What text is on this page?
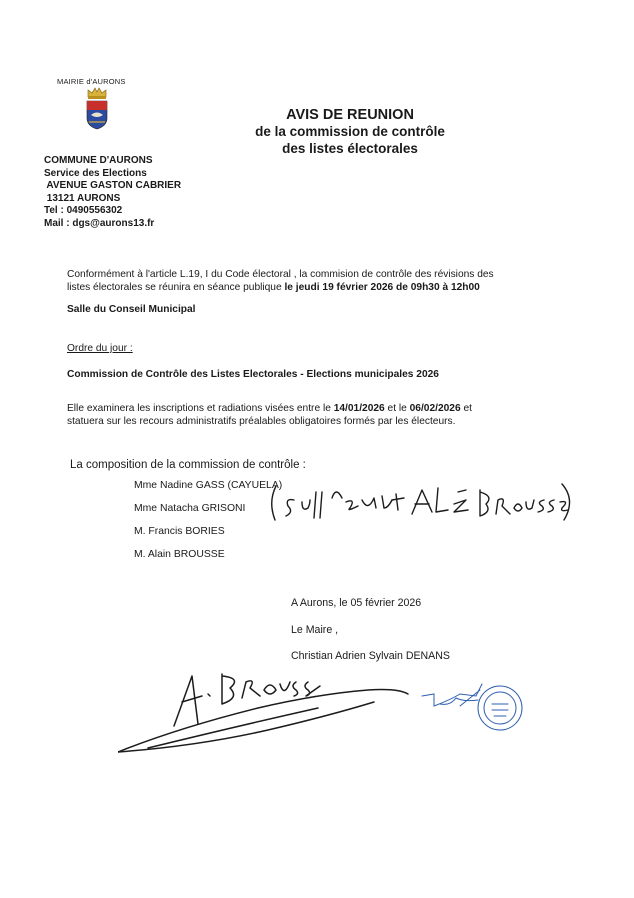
MAIRIE d'AURONS
COMMUNE D'AURONS
Service des Elections
AVENUE GASTON CABRIER
13121 AURONS
Tel : 0490556302
Mail : dgs@aurons13.fr
AVIS DE REUNION
de la commission de contrôle
des listes électorales
Conformément à l'article L.19, I du Code électoral , la commision de contrôle des révisions des
listes électorales se réunira en séance publique le jeudi 19 février 2026 de 09h30 à 12h00
Salle du Conseil Municipal
Ordre du jour :
Commission de Contrôle des Listes Electorales - Elections municipales 2026
Elle examinera les inscriptions et radiations visées entre le 14/01/2026 et le 06/02/2026 et
statuera sur les recours administratifs préalables obligatoires formés par les électeurs.
La composition de la commission de contrôle :
Mme Nadine GASS (CAYUELA)
Mme Natacha GRISONI
M. Francis BORIES
M. Alain BROUSSE
A Aurons, le 05 février 2026
Le Maire ,
Christian Adrien Sylvain DENANS
